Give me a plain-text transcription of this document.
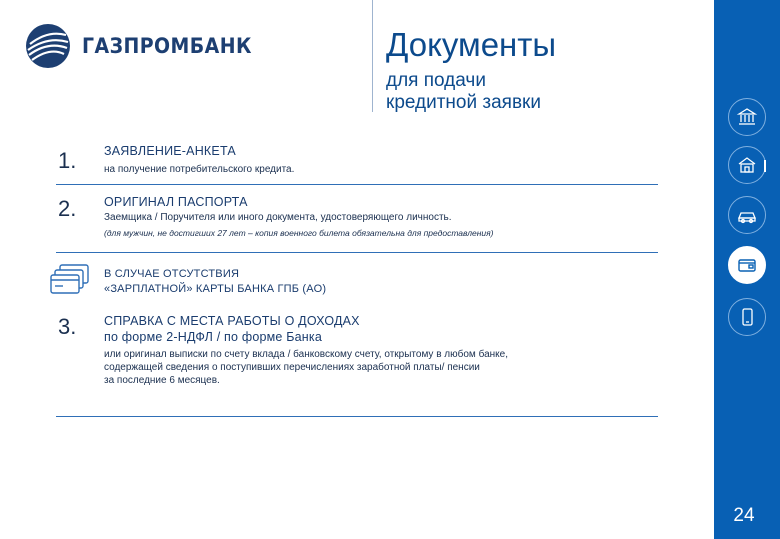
ГАЗПРОМБАНК	Документы
для подачи
кредитной заявки
24
1. ЗАЯВЛЕНИЕ-АНКЕТА
на получение потребительского кредита.
2. ОРИГИНАЛ ПАСПОРТА
Заемщика / Поручителя или иного документа, удостоверяющего личность.
(для мужчин, не достигших 27 лет – копия военного билета обязательна для предоставления)
В СЛУЧАЕ ОТСУТСТВИЯ
«ЗАРПЛАТНОЙ» КАРТЫ БАНКА ГПБ (АО)
3. СПРАВКА С МЕСТА РАБОТЫ О ДОХОДАХ
по форме 2-НДФЛ / по форме Банка
или оригинал выписки по счету вклада / банковскому счету, открытому в любом банке,
содержащей сведения о поступивших перечислениях заработной платы/ пенсии
за последние 6 месяцев.
